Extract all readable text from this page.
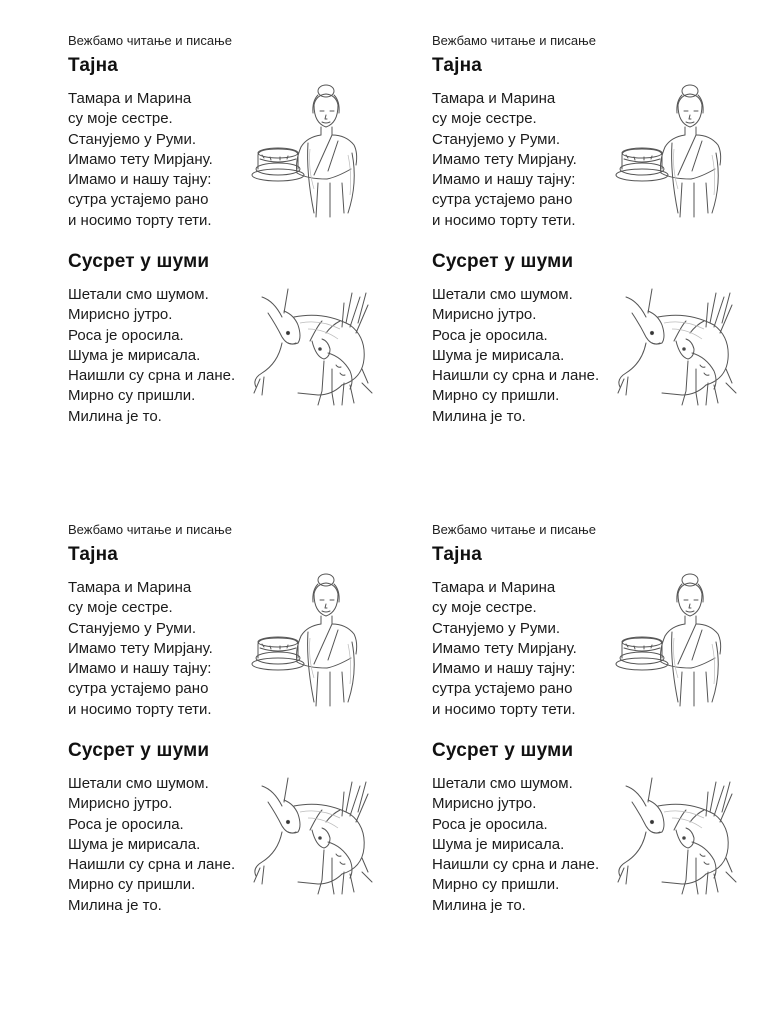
Вежбамо читање и писање
Тајна
Тамара и Марина
су моје сестре.
Станујемо у Руми.
Имамо тету Мирјану.
Имамо и нашу тајну:
сутра устајемо рано
и носимо торту тети.
Сусрет у шуми
Шетали смо шумом.
Мирисно јутро.
Роса је оросила.
Шума је мирисала.
Наишли су срна и лане.
Мирно су пришли.
Милина је то.
Вежбамо читање и писање
Тајна
Тамара и Марина
су моје сестре.
Станујемо у Руми.
Имамо тету Мирјану.
Имамо и нашу тајну:
сутра устајемо рано
и носимо торту тети.
Сусрет у шуми
Шетали смо шумом.
Мирисно јутро.
Роса је оросила.
Шума је мирисала.
Наишли су срна и лане.
Мирно су пришли.
Милина је то.
Вежбамо читање и писање
Тајна
Тамара и Марина
су моје сестре.
Станујемо у Руми.
Имамо тету Мирјану.
Имамо и нашу тајну:
сутра устајемо рано
и носимо торту тети.
Сусрет у шуми
Шетали смо шумом.
Мирисно јутро.
Роса је оросила.
Шума је мирисала.
Наишли су срна и лане.
Мирно су пришли.
Милина је то.
Вежбамо читање и писање
Тајна
Тамара и Марина
су моје сестре.
Станујемо у Руми.
Имамо тету Мирјану.
Имамо и нашу тајну:
сутра устајемо рано
и носимо торту тети.
Сусрет у шуми
Шетали смо шумом.
Мирисно јутро.
Роса је оросила.
Шума је мирисала.
Наишли су срна и лане.
Мирно су пришли.
Милина је то.
